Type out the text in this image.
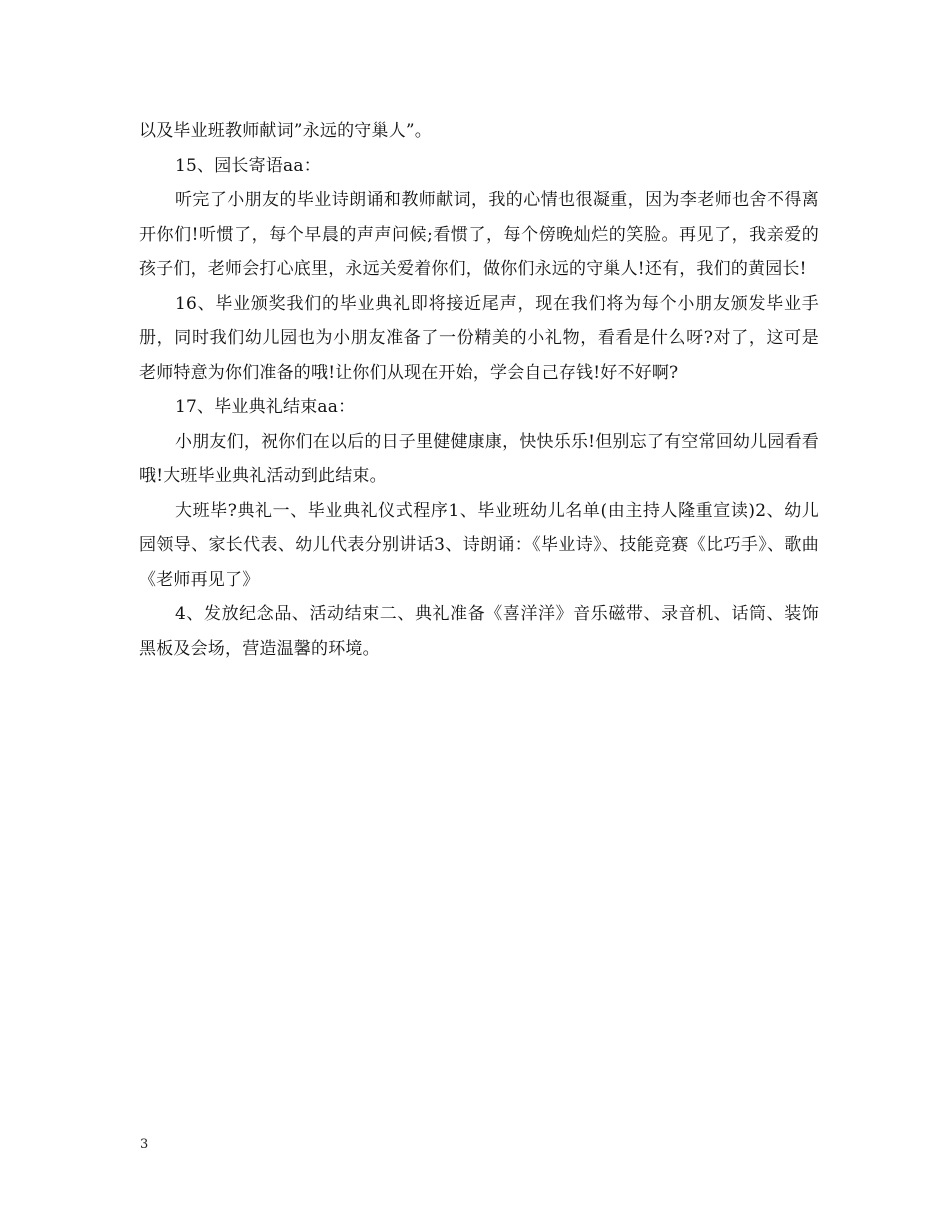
以及毕业班教师献词”永远的守巢人”。

15、园长寄语aa：

听完了小朋友的毕业诗朗诵和教师献词，我的心情也很凝重，因为李老师也舍不得离开你们!听惯了，每个早晨的声声问候;看惯了，每个傍晚灿烂的笑脸。再见了，我亲爱的孩子们，老师会打心底里，永远关爱着你们，做你们永远的守巢人!还有，我们的黄园长!

16、毕业颁奖我们的毕业典礼即将接近尾声，现在我们将为每个小朋友颁发毕业手册，同时我们幼儿园也为小朋友准备了一份精美的小礼物，看看是什么呀?对了，这可是老师特意为你们准备的哦!让你们从现在开始，学会自己存钱!好不好啊?

17、毕业典礼结束aa：

小朋友们，祝你们在以后的日子里健健康康，快快乐乐!但别忘了有空常回幼儿园看看哦!大班毕业典礼活动到此结束。

大班毕?典礼一、毕业典礼仪式程序1、毕业班幼儿名单(由主持人隆重宣读)2、幼儿园领导、家长代表、幼儿代表分别讲话3、诗朗诵：《毕业诗》、技能竞赛《比巧手》、歌曲《老师再见了》

4、发放纪念品、活动结束二、典礼准备《喜洋洋》音乐磁带、录音机、话筒、装饰黑板及会场，营造温馨的环境。

3
